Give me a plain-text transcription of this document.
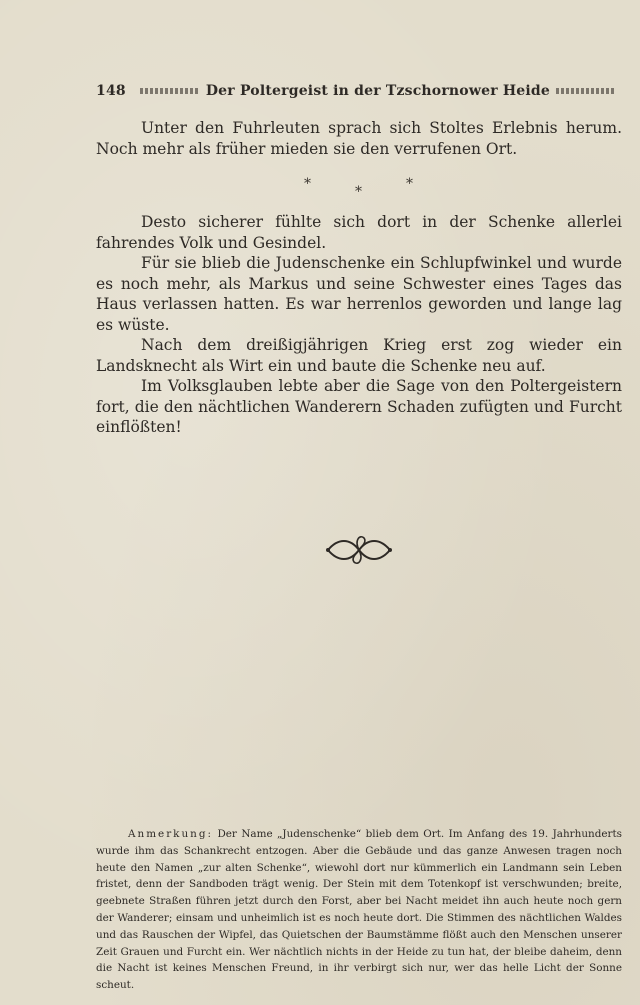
148	Der Poltergeist in der Tzschornower Heide

Unter den Fuhrleuten sprach sich Stoltes Erlebnis herum. Noch mehr als früher mieden sie den verrufenen Ort.

*	*
*

Desto sicherer fühlte sich dort in der Schenke allerlei fahrendes Volk und Gesindel.

Für sie blieb die Judenschenke ein Schlupfwinkel und wurde es noch mehr, als Markus und seine Schwester eines Tages das Haus verlassen hatten. Es war herrenlos geworden und lange lag es wüste.

Nach dem dreißigjährigen Krieg erst zog wieder ein Landsknecht als Wirt ein und baute die Schenke neu auf.

Im Volksglauben lebte aber die Sage von den Poltergeistern fort, die den nächtlichen Wanderern Schaden zufügten und Furcht einflößten!

Anmerkung: Der Name „Judenschenke“ blieb dem Ort. Im Anfang des 19. Jahrhunderts wurde ihm das Schankrecht entzogen. Aber die Gebäude und das ganze Anwesen tragen noch heute den Namen „zur alten Schenke“, wiewohl dort nur kümmerlich ein Landmann sein Leben fristet, denn der Sandboden trägt wenig. Der Stein mit dem Totenkopf ist verschwunden; breite, geebnete Straßen führen jetzt durch den Forst, aber bei Nacht meidet ihn auch heute noch gern der Wanderer; einsam und unheimlich ist es noch heute dort. Die Stimmen des nächtlichen Waldes und das Rauschen der Wipfel, das Quietschen der Baumstämme flößt auch den Menschen unserer Zeit Grauen und Furcht ein. Wer nächtlich nichts in der Heide zu tun hat, der bleibe daheim, denn die Nacht ist keines Menschen Freund, in ihr verbirgt sich nur, wer das helle Licht der Sonne scheut.
